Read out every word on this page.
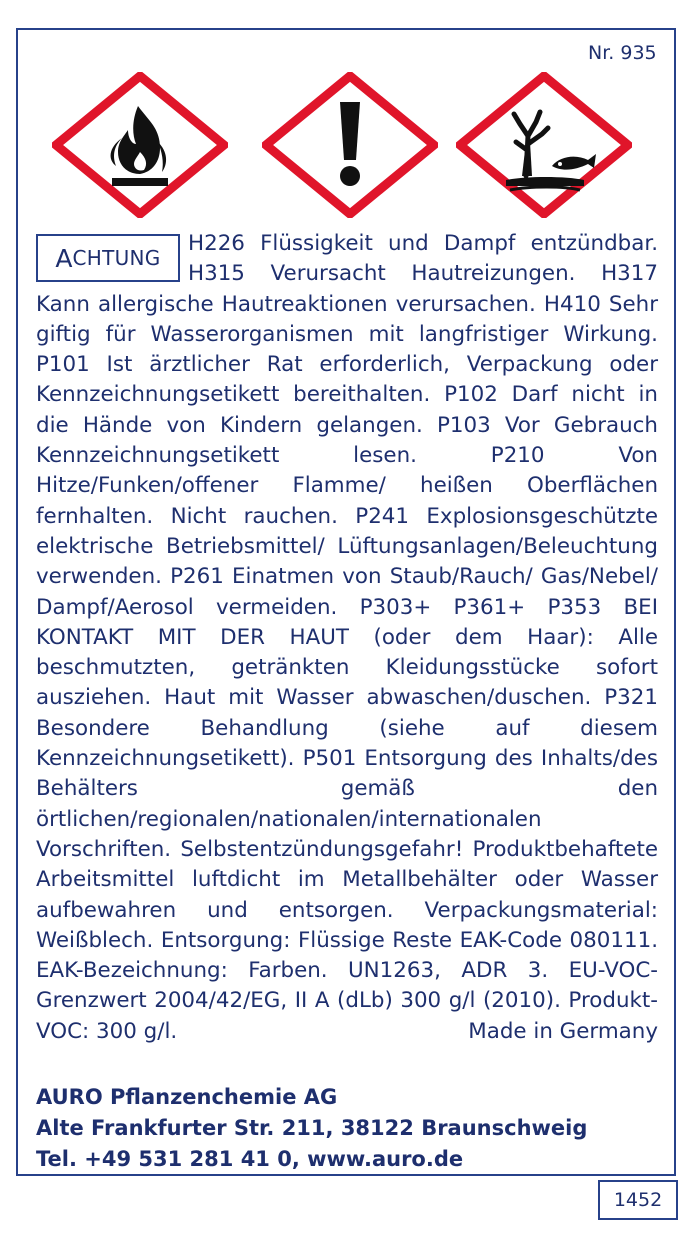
Nr. 935
A CHTUNG

H226 Flüssigkeit und Dampf entzündbar. H315 Verursacht Hautreizungen. H317 Kann allergische Hautreaktionen verursachen. H410 Sehr giftig für Wasserorganismen mit langfristiger Wirkung. P101 Ist ärztlicher Rat erforderlich, Verpackung oder Kennzeichnungsetikett bereithalten. P102 Darf nicht in die Hände von Kindern gelangen. P103 Vor Gebrauch Kennzeichnungsetikett lesen. P210 Von Hitze/Funken/offener Flamme/ heißen Oberflächen fernhalten. Nicht rauchen. P241 Explosionsgeschützte elektrische Betriebsmittel/ Lüftungsanlagen/Beleuchtung verwenden. P261 Einatmen von Staub/Rauch/ Gas/Nebel/ Dampf/Aerosol vermeiden. P303+ P361+ P353 BEI KONTAKT MIT DER HAUT (oder dem Haar): Alle beschmutzten, getränkten Kleidungsstücke sofort ausziehen. Haut mit Wasser abwaschen/duschen. P321 Besondere Behandlung (siehe auf diesem Kennzeichnungsetikett). P501 Entsorgung des Inhalts/des Behälters gemäß den örtlichen/regionalen/nationalen/internationalen Vorschriften. Selbstentzündungsgefahr! Produktbehaftete Arbeitsmittel luftdicht im Metallbehälter oder Wasser aufbewahren und entsorgen. Verpackungsmaterial: Weißblech. Entsorgung: Flüssige Reste EAK-Code 080111. EAK-Bezeichnung: Farben. UN1263, ADR 3. EU-VOC-Grenzwert 2004/42/EG, II A (dLb) 300 g/l (2010). Produkt-VOC: 300 g/l.	Made in Germany

AURO Pflanzenchemie AG
Alte Frankfurter Str. 211, 38122 Braunschweig
Tel. +49 531 281 41 0, www.auro.de
1452
